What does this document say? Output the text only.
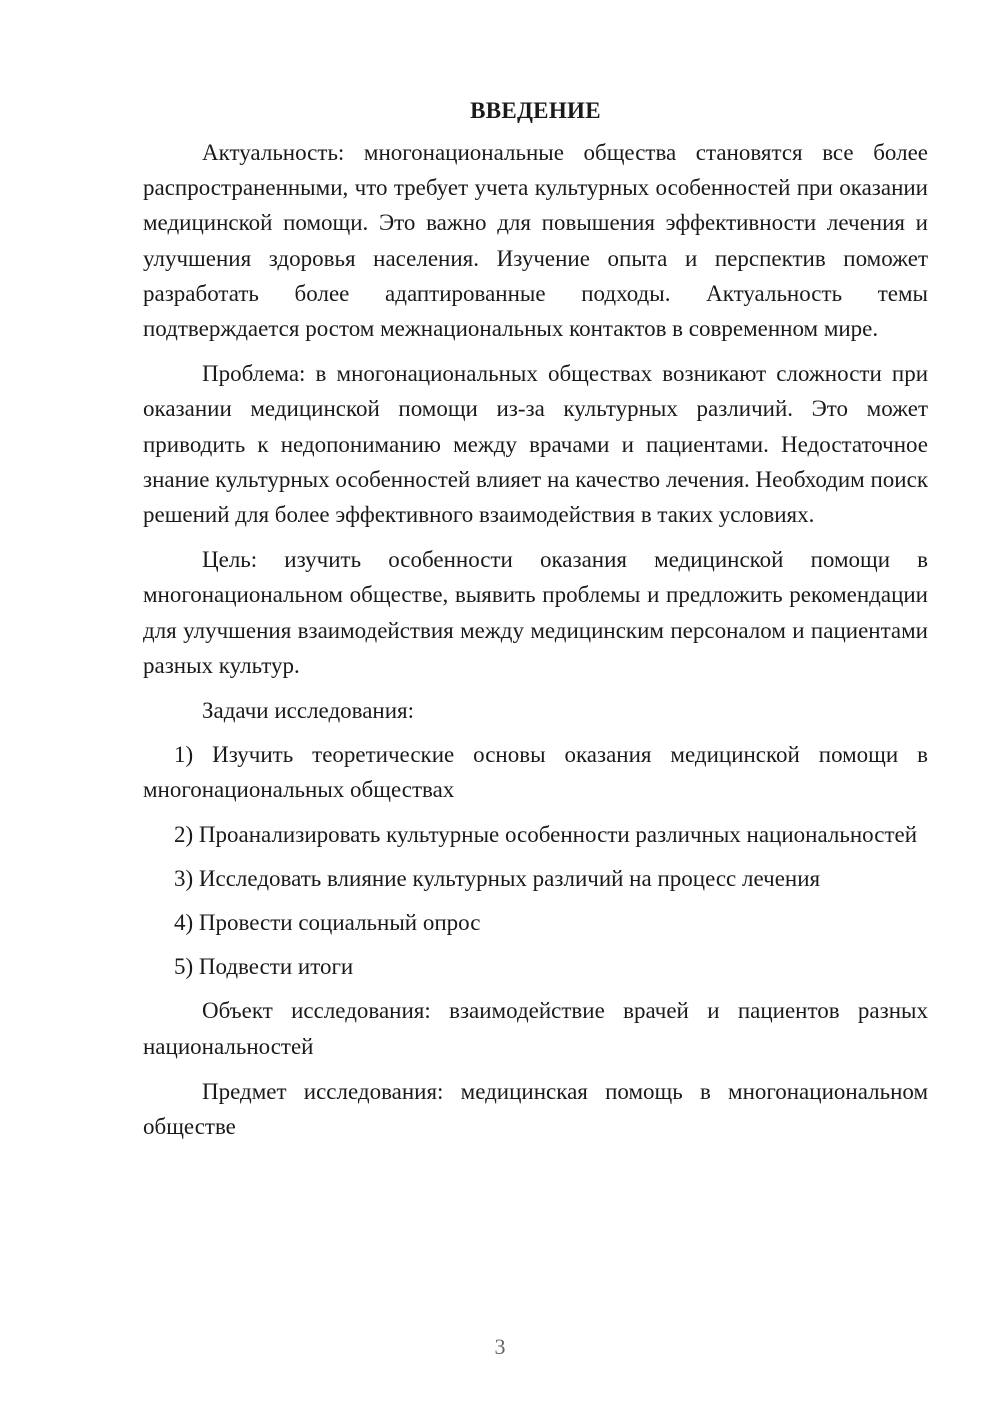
ВВЕДЕНИЕ

Актуальность: многонациональные общества становятся все более распространенными, что требует учета культурных особенностей при оказании медицинской помощи. Это важно для повышения эффективности лечения и улучшения здоровья населения. Изучение опыта и перспектив поможет разработать более адаптированные подходы. Актуальность темы подтверждается ростом межнациональных контактов в современном мире.

Проблема: в многонациональных обществах возникают сложности при оказании медицинской помощи из-за культурных различий. Это может приводить к недопониманию между врачами и пациентами. Недостаточное знание культурных особенностей влияет на качество лечения. Необходим поиск решений для более эффективного взаимодействия в таких условиях.

Цель: изучить особенности оказания медицинской помощи в многонациональном обществе, выявить проблемы и предложить рекомендации для улучшения взаимодействия между медицинским персоналом и пациентами разных культур.

Задачи исследования:

1) Изучить теоретические основы оказания медицинской помощи в многонациональных обществах

2) Проанализировать культурные особенности различных национальностей

3) Исследовать влияние культурных различий на процесс лечения

4) Провести социальный опрос

5) Подвести итоги

Объект исследования: взаимодействие врачей и пациентов разных национальностей

Предмет исследования: медицинская помощь в многонациональном обществе

3
